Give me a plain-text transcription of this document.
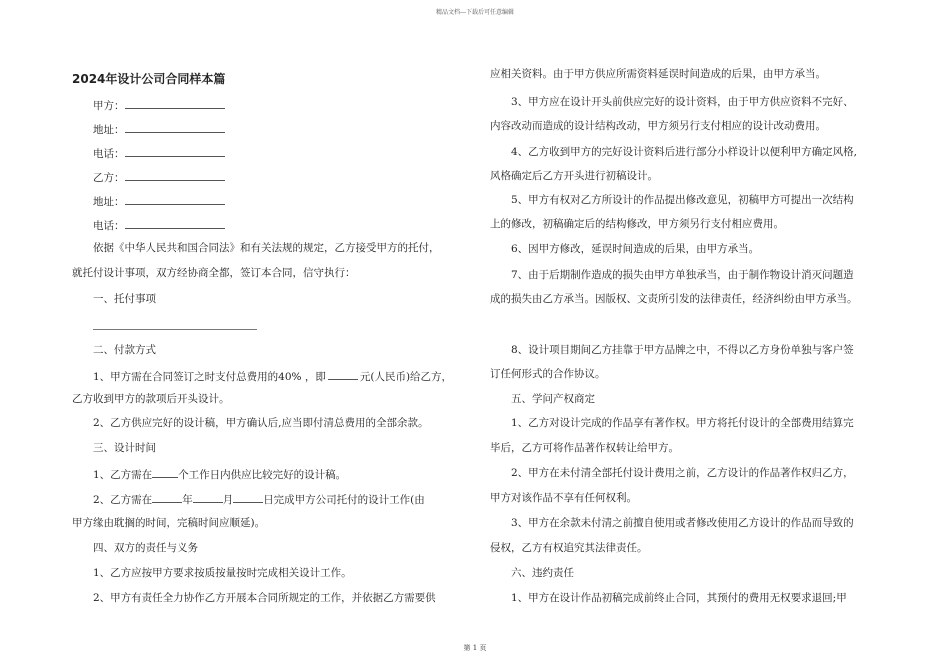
精品文档---下载后可任意编辑
2024年设计公司合同样本篇
甲方：
地址：
电话：
乙方：
地址：
电话：
依据《中华人民共和国合同法》和有关法规的规定，乙方接受甲方的托付，
就托付设计事项，双方经协商全都，签订本合同，信守执行：
一、托付事项
二、付款方式
1、甲方需在合同签订之时支付总费用的40% ，即	元(人民币)给乙方，
乙方收到甲方的款项后开头设计。
2、乙方供应完好的设计稿，甲方确认后,应当即付清总费用的全部余款。
三、设计时间
1、乙方需在 个工作日内供应比较完好的设计稿。
2、乙方需在	年	月	日完成甲方公司托付的设计工作(由
甲方缘由耽搁的时间，完稿时间应顺延)。
四、双方的责任与义务
1、乙方应按甲方要求按质按量按时完成相关设计工作。
2、甲方有责任全力协作乙方开展本合同所规定的工作，并依据乙方需要供
应相关资料。由于甲方供应所需资料延误时间造成的后果，由甲方承当。
3、甲方应在设计开头前供应完好的设计资料，由于甲方供应资料不完好、
内容改动而造成的设计结构改动，甲方须另行支付相应的设计改动费用。
4、乙方收到甲方的完好设计资料后进行部分小样设计以便利甲方确定风格,
风格确定后乙方开头进行初稿设计。
5、甲方有权对乙方所设计的作品提出修改意见，初稿甲方可提出一次结构
上的修改，初稿确定后的结构修改，甲方须另行支付相应费用。
6、因甲方修改，延误时间造成的后果，由甲方承当。
7、由于后期制作造成的损失由甲方单独承当，由于制作物设计消灭问题造
成的损失由乙方承当。因版权、文责所引发的法律责任，经济纠纷由甲方承当。
8、设计项目期间乙方挂靠于甲方品牌之中，不得以乙方身份单独与客户签
订任何形式的合作协议。
五、学问产权商定
1、乙方对设计完成的作品享有著作权。甲方将托付设计的全部费用结算完
毕后，乙方可将作品著作权转让给甲方。
2、甲方在未付清全部托付设计费用之前，乙方设计的作品著作权归乙方，
甲方对该作品不享有任何权利。
3、甲方在余款未付清之前擅自使用或者修改使用乙方设计的作品而导致的
侵权，乙方有权追究其法律责任。
六、违约责任
1、甲方在设计作品初稿完成前终止合同，其预付的费用无权要求退回;甲
第 1 页
